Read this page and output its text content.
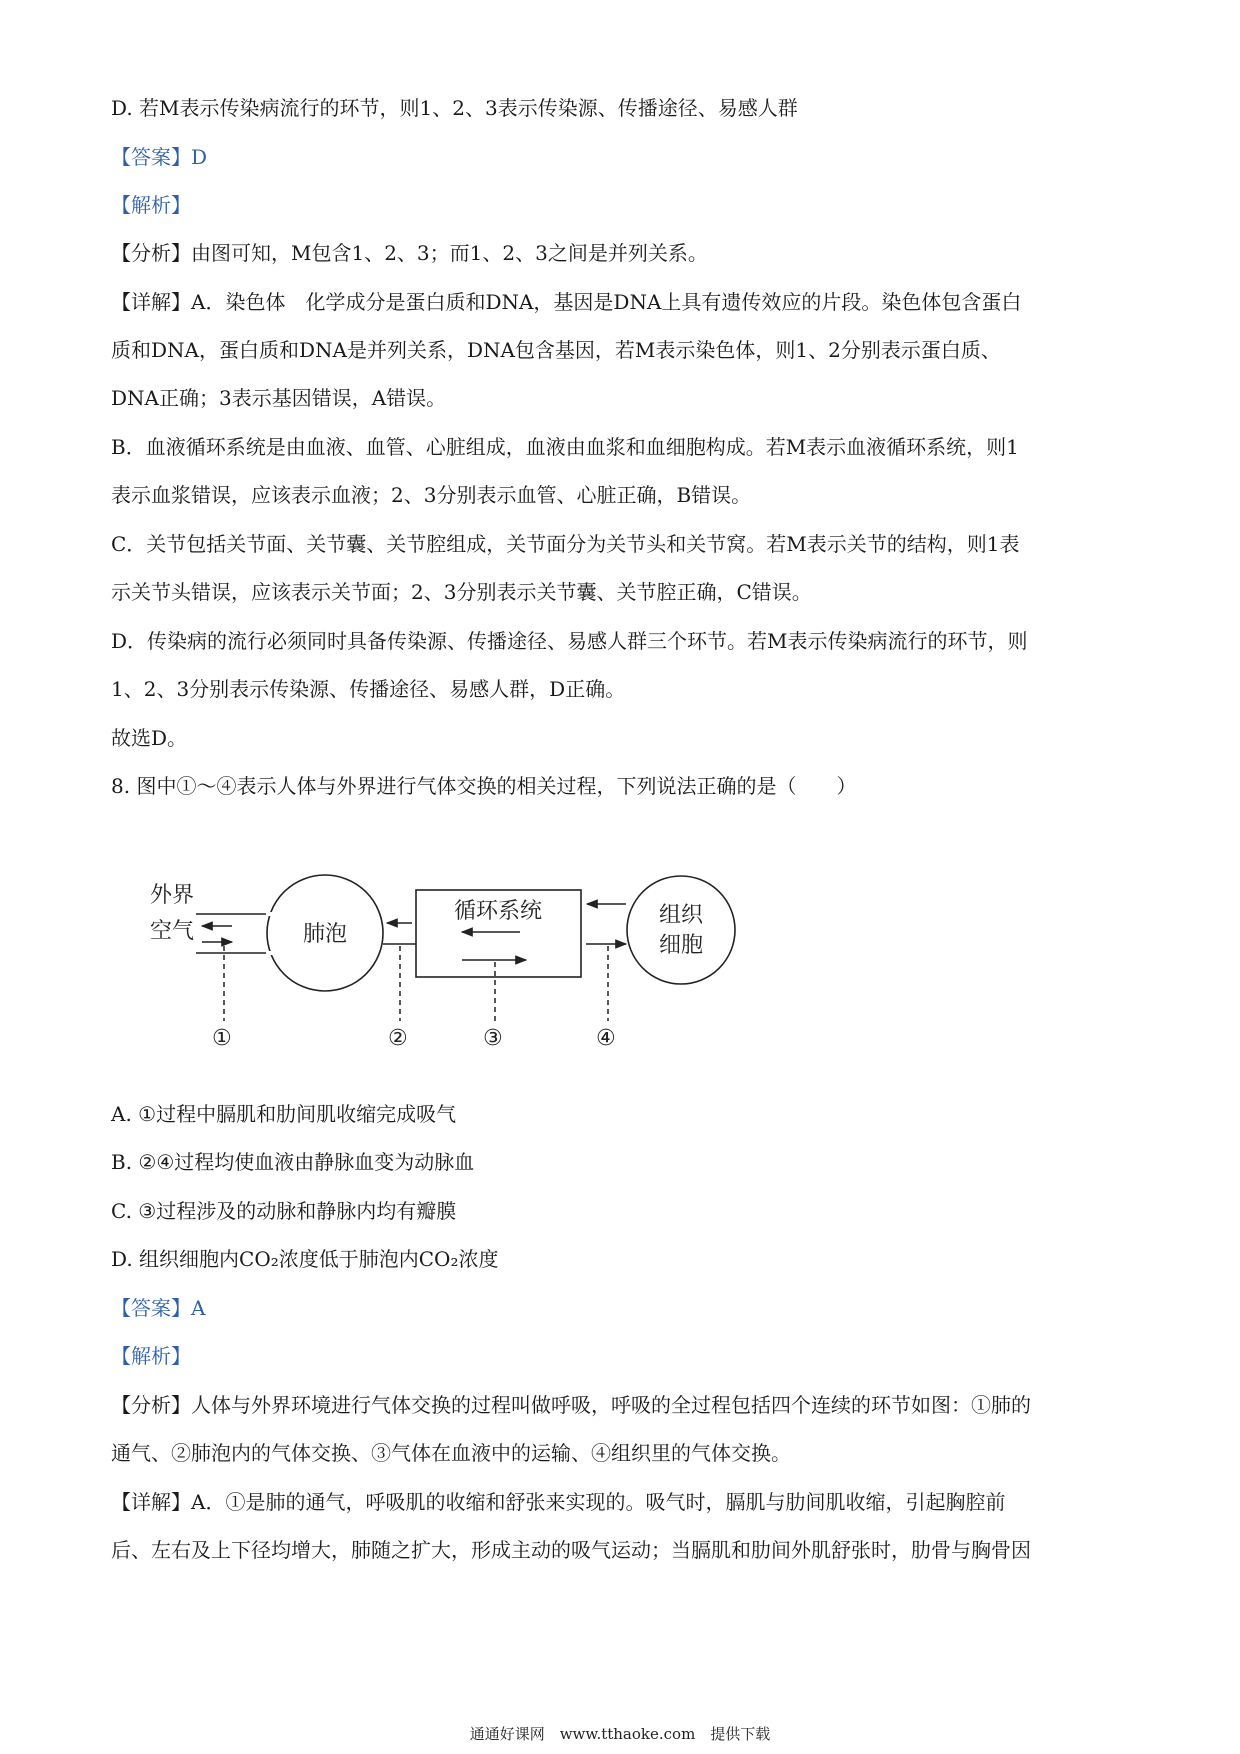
D. 若M表示传染病流行的环节，则1、2、3表示传染源、传播途径、易感人群
【答案】D
【解析】
【分析】由图可知，M包含1、2、3；而1、2、3之间是并列关系。
【详解】A．染色体　化学成分是蛋白质和DNA，基因是DNA上具有遗传效应的片段。染色体包含蛋白
质和DNA，蛋白质和DNA是并列关系，DNA包含基因，若M表示染色体，则1、2分别表示蛋白质、
DNA正确；3表示基因错误，A错误。
B．血液循环系统是由血液、血管、心脏组成，血液由血浆和血细胞构成。若M表示血液循环系统，则1
表示血浆错误，应该表示血液；2、3分别表示血管、心脏正确，B错误。
C．关节包括关节面、关节囊、关节腔组成，关节面分为关节头和关节窝。若M表示关节的结构，则1表
示关节头错误，应该表示关节面；2、3分别表示关节囊、关节腔正确，C错误。
D．传染病的流行必须同时具备传染源、传播途径、易感人群三个环节。若M表示传染病流行的环节，则
1、2、3分别表示传染源、传播途径、易感人群，D正确。
故选D。
8. 图中①～④表示人体与外界进行气体交换的相关过程，下列说法正确的是（　　）
外界
空气	肺泡
循环系统	组织
细胞
①	②	③	④
A. ①过程中膈肌和肋间肌收缩完成吸气
B. ②④过程均使血液由静脉血变为动脉血
C. ③过程涉及的动脉和静脉内均有瓣膜
D. 组织细胞内CO₂浓度低于肺泡内CO₂浓度
【答案】A
【解析】
【分析】人体与外界环境进行气体交换的过程叫做呼吸，呼吸的全过程包括四个连续的环节如图：①肺的
通气、②肺泡内的气体交换、③气体在血液中的运输、④组织里的气体交换。
【详解】A．①是肺的通气，呼吸肌的收缩和舒张来实现的。吸气时，膈肌与肋间肌收缩，引起胸腔前
后、左右及上下径均增大，肺随之扩大，形成主动的吸气运动；当膈肌和肋间外肌舒张时，肋骨与胸骨因
通通好课网　www.tthaoke.com　提供下载
